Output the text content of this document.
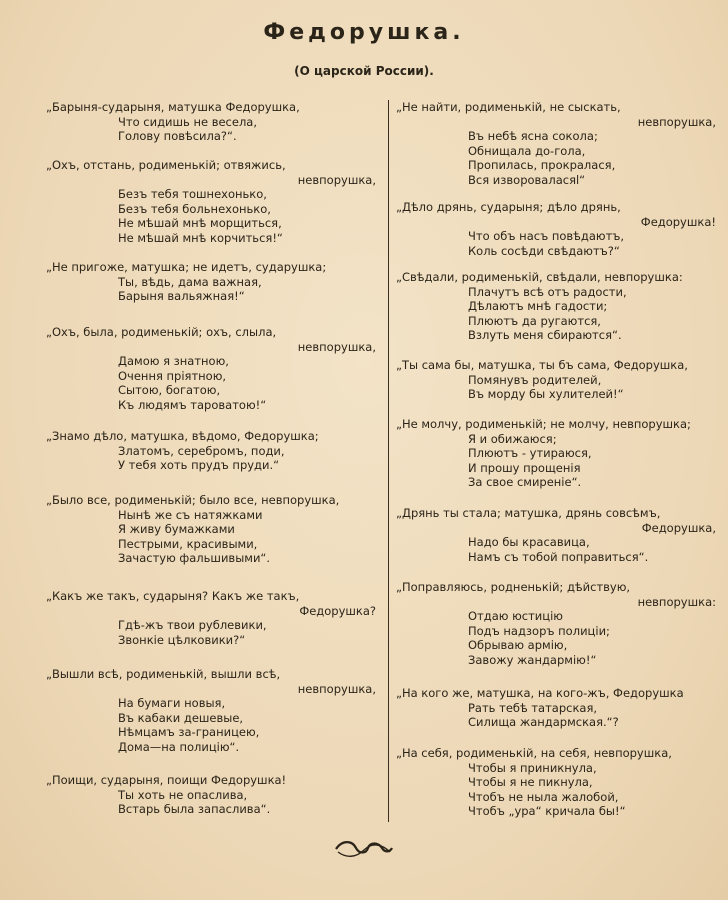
Федорушка.
(О царской России).
„Барыня-сударыня, матушка Федорушка,
Что сидишь не весела,
Голову повѣсила?“.
„Охъ, отстань, родименькій; отвяжись,
невпорушка,
Безъ тебя тошнехонько,
Безъ тебя больнехонько,
Не мѣшай мнѣ морщиться,
Не мѣшай мнѣ корчиться!“
„Не пригоже, матушка; не идетъ, сударушка;
Ты, вѣдь, дама важная,
Барыня вальяжная!“
„Охъ, была, родименькій; охъ, слыла,
невпорушка,
Дамою я знатною,
Очення пріятною,
Сытою, богатою,
Къ людямъ тароватою!“
„Знамо дѣло, матушка, вѣдомо, Федорушка;
Златомъ, серебромъ, поди,
У тебя хоть прудъ пруди.“
„Было все, родименькій; было все, невпорушка,
Нынѣ же съ натяжками
Я живу бумажками
Пестрыми, красивыми,
Зачастую фальшивыми“.
„Какъ же такъ, сударыня? Какъ же такъ,
Федорушка?
Гдѣ-жъ твои рублевики,
Звонкіе цѣлковики?“
„Вышли всѣ, родименькій, вышли всѣ,
невпорушка,
На бумаги новыя,
Въ кабаки дешевые,
Нѣмцамъ за-границею,
Дома—на полицію“.
„Поищи, сударыня, поищи Федорушка!
Ты хоть не опаслива,
Встарь была запаслива“.
„Не найти, родименькій, не сыскать,
невпорушка,
Въ небѣ ясна сокола;
Обнищала до-гола,
Пропилась, прокралася,
Вся извороваласяl“
„Дѣло дрянь, сударыня; дѣло дрянь,
Федорушка!
Что объ насъ повѣдаютъ,
Коль сосѣди свѣдаютъ?“
„Свѣдали, родименькій, свѣдали, невпорушка:
Плачутъ всѣ отъ радости,
Дѣлаютъ мнѣ гадости;
Плюютъ да ругаются,
Взлуть меня сбираются“.
„Ты сама бы, матушка, ты бъ сама, Федорушка,
Помянувъ родителей,
Въ морду бы хулителей!“
„Не молчу, родименькій; не молчу, невпорушка;
Я и обижаюся;
Плюютъ - утираюся,
И прошу прощенія
За свое смиреніе“.
„Дрянь ты стала; матушка, дрянь совсѣмъ,
Федорушка,
Надо бы красавица,
Намъ съ тобой поправиться“.
„Поправляюсь, родненькій; дѣйствую,
невпорушка:
Отдаю юстицію
Подъ надзоръ полиціи;
Обрываю армію,
Завожу жандармію!“
„На кого же, матушка, на кого-жъ, Федорушка
Рать тебѣ татарская,
Силища жандармская.“?
„На себя, родименькій, на себя, невпорушка,
Чтобы я приникнула,
Чтобы я не пикнула,
Чтобъ не ныла жалобой,
Чтобъ „ура“ кричала бы!“
